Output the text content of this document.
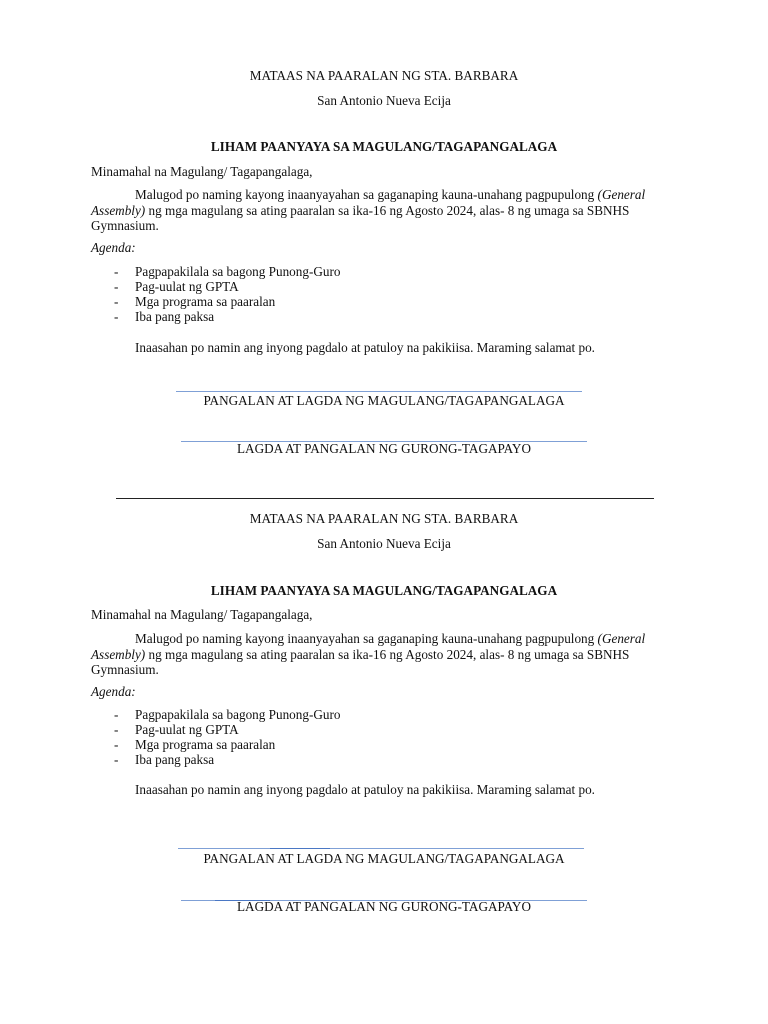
MATAAS NA PAARALAN NG STA. BARBARA
San Antonio Nueva Ecija
LIHAM PAANYAYA SA MAGULANG/TAGAPANGALAGA
Minamahal na Magulang/ Tagapangalaga,
Malugod po naming kayong inaanyayahan sa gaganaping kauna-unahang pagpupulong (General Assembly) ng mga magulang sa ating paaralan sa ika-16 ng Agosto 2024, alas- 8 ng umaga sa SBNHS Gymnasium.
Agenda:
- Pagpapakilala sa bagong Punong-Guro
- Pag-uulat ng GPTA
- Mga programa sa paaralan
- Iba pang paksa
Inaasahan po namin ang inyong pagdalo at patuloy na pakikiisa. Maraming salamat po.
PANGALAN AT LAGDA NG MAGULANG/TAGAPANGALAGA
LAGDA AT PANGALAN NG GURONG-TAGAPAYO
MATAAS NA PAARALAN NG STA. BARBARA
San Antonio Nueva Ecija
LIHAM PAANYAYA SA MAGULANG/TAGAPANGALAGA
Minamahal na Magulang/ Tagapangalaga,
Malugod po naming kayong inaanyayahan sa gaganaping kauna-unahang pagpupulong (General Assembly) ng mga magulang sa ating paaralan sa ika-16 ng Agosto 2024, alas- 8 ng umaga sa SBNHS Gymnasium.
Agenda:
- Pagpapakilala sa bagong Punong-Guro
- Pag-uulat ng GPTA
- Mga programa sa paaralan
- Iba pang paksa
Inaasahan po namin ang inyong pagdalo at patuloy na pakikiisa. Maraming salamat po.
PANGALAN AT LAGDA NG MAGULANG/TAGAPANGALAGA
LAGDA AT PANGALAN NG GURONG-TAGAPAYO
